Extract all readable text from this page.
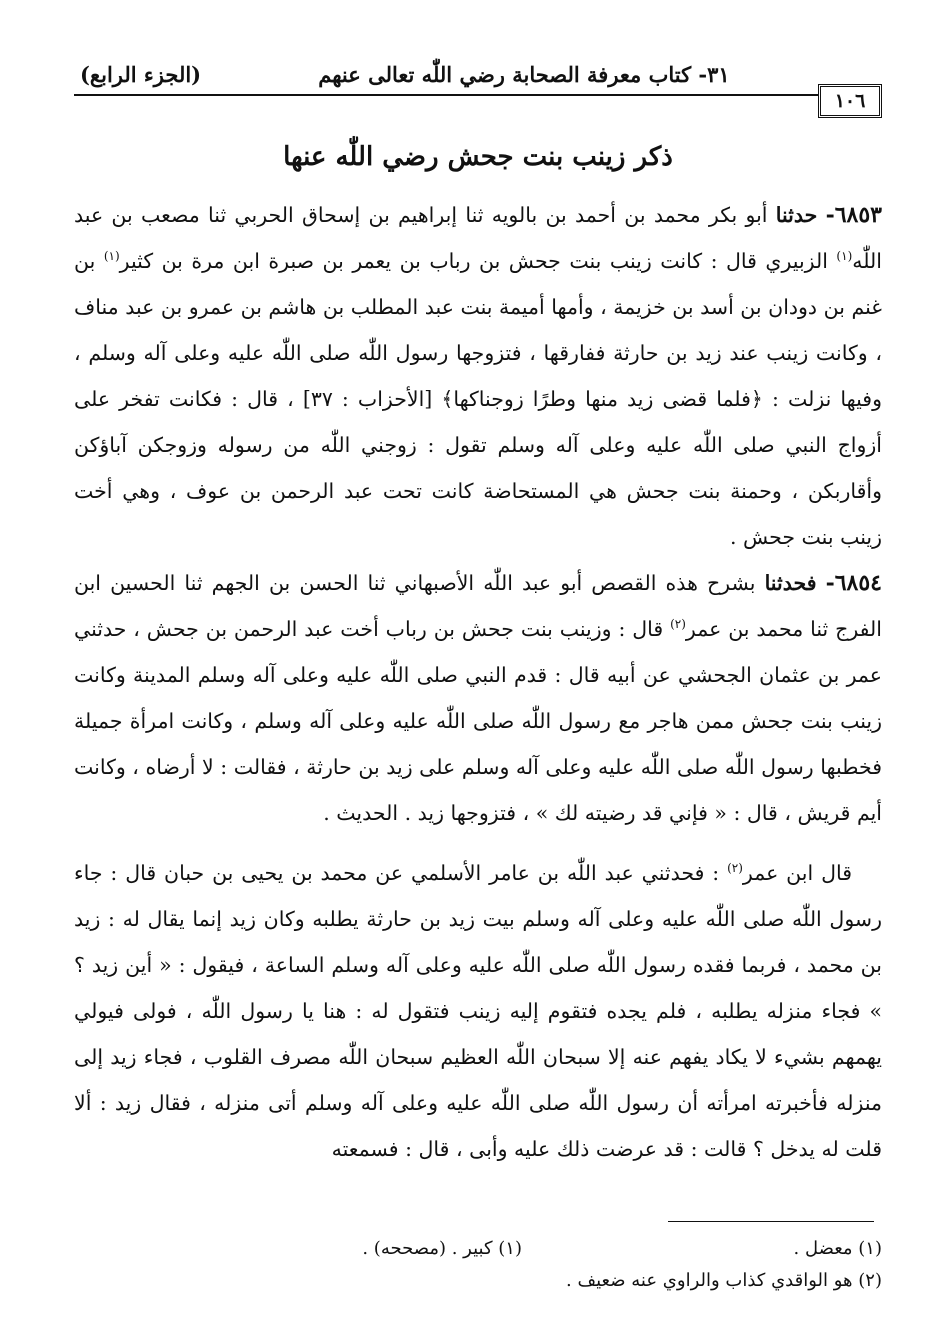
(الجزء الرابع)	٣١- كتاب معرفة الصحابة رضي اللّٰه تعالى عنهم
١٠٦
ذكر زينب بنت جحش رضي اللّٰه عنها

٦٨٥٣- حدثنا أبو بكر محمد بن أحمد بن بالويه ثنا إبراهيم بن إسحاق الحربي ثنا مصعب بن عبد اللّٰه$^{(١)}$ الزبيري قال : كانت زينب بنت جحش بن رباب بن يعمر بن صبرة ابن مرة بن كثير$^{(١)}$ بن غنم بن دودان بن أسد بن خزيمة ، وأمها أميمة بنت عبد المطلب بن هاشم بن عمرو بن عبد مناف ، وكانت زينب عند زيد بن حارثة ففارقها ، فتزوجها رسول اللّٰه صلى اللّٰه عليه وعلى آله وسلم ، وفيها نزلت : ﴿فلما قضى زيد منها وطرًا زوجناكها﴾ [الأحزاب : ٣٧] ، قال : فكانت تفخر على أزواج النبي صلى اللّٰه عليه وعلى آله وسلم تقول : زوجني اللّٰه من رسوله وزوجكن آباؤكن وأقاربكن ، وحمنة بنت جحش هي المستحاضة كانت تحت عبد الرحمن بن عوف ، وهي أخت زينب بنت جحش .

٦٨٥٤- فحدثنا بشرح هذه القصص أبو عبد اللّٰه الأصبهاني ثنا الحسن بن الجهم ثنا الحسين ابن الفرج ثنا محمد بن عمر$^{(٢)}$ قال : وزينب بنت جحش بن رباب أخت عبد الرحمن بن جحش ، حدثني عمر بن عثمان الجحشي عن أبيه قال : قدم النبي صلى اللّٰه عليه وعلى آله وسلم المدينة وكانت زينب بنت جحش ممن هاجر مع رسول اللّٰه صلى اللّٰه عليه وعلى آله وسلم ، وكانت امرأة جميلة فخطبها رسول اللّٰه صلى اللّٰه عليه وعلى آله وسلم على زيد بن حارثة ، فقالت : لا أرضاه ، وكانت أيم قريش ، قال : « فإني قد رضيته لك » ، فتزوجها زيد . الحديث .

قال ابن عمر$^{(٢)}$ : فحدثني عبد اللّٰه بن عامر الأسلمي عن محمد بن يحيى بن حبان قال : جاء رسول اللّٰه صلى اللّٰه عليه وعلى آله وسلم بيت زيد بن حارثة يطلبه وكان زيد إنما يقال له : زيد بن محمد ، فربما فقده رسول اللّٰه صلى اللّٰه عليه وعلى آله وسلم الساعة ، فيقول : « أين زيد ؟ » فجاء منزله يطلبه ، فلم يجده فتقوم إليه زينب فتقول له : هنا يا رسول اللّٰه ، فولى فيولي يهمهم بشيء لا يكاد يفهم عنه إلا سبحان اللّٰه العظيم سبحان اللّٰه مصرف القلوب ، فجاء زيد إلى منزله فأخبرته امرأته أن رسول اللّٰه صلى اللّٰه عليه وعلى آله وسلم أتى منزله ، فقال زيد : ألا قلت له يدخل ؟ قالت : قد عرضت ذلك عليه وأبى ، قال : فسمعته

(١) معضل .
(١) كبير . (مصححه) .
(٢) هو الواقدي كذاب والراوي عنه ضعيف .
